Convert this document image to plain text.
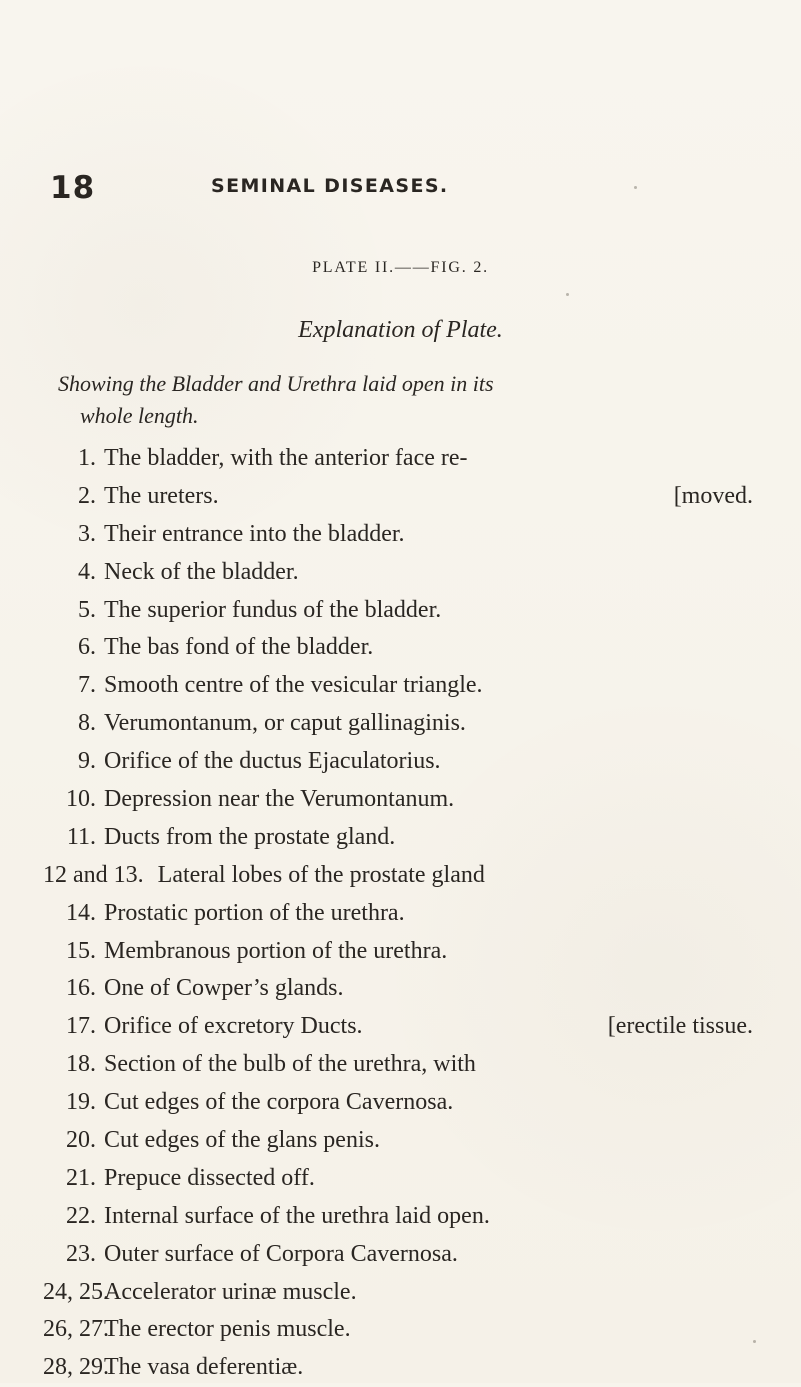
18	SEMINAL DISEASES.
PLATE II.——FIG. 2.
Explanation of Plate.
Showing the Bladder and Urethra laid open in its
whole length.
1. The bladder, with the anterior face re-
2. The ureters.	[moved.
3. Their entrance into the bladder.
4. Neck of the bladder.
5. The superior fundus of the bladder.
6. The bas fond of the bladder.
7. Smooth centre of the vesicular triangle.
8. Verumontanum, or caput gallinaginis.
9. Orifice of the ductus Ejaculatorius.
10. Depression near the Verumontanum.
11. Ducts from the prostate gland.
12 and 13. Lateral lobes of the prostate gland
14. Prostatic portion of the urethra.
15. Membranous portion of the urethra.
16. One of Cowper’s glands.
17. Orifice of excretory Ducts.	[erectile tissue.
18. Section of the bulb of the urethra, with
19. Cut edges of the corpora Cavernosa.
20. Cut edges of the glans penis.
21. Prepuce dissected off.
22. Internal surface of the urethra laid open.
23. Outer surface of Corpora Cavernosa.
24, 25.Accelerator urinæ muscle.
26, 27.The erector penis muscle.
28, 29.The vasa deferentiæ.
